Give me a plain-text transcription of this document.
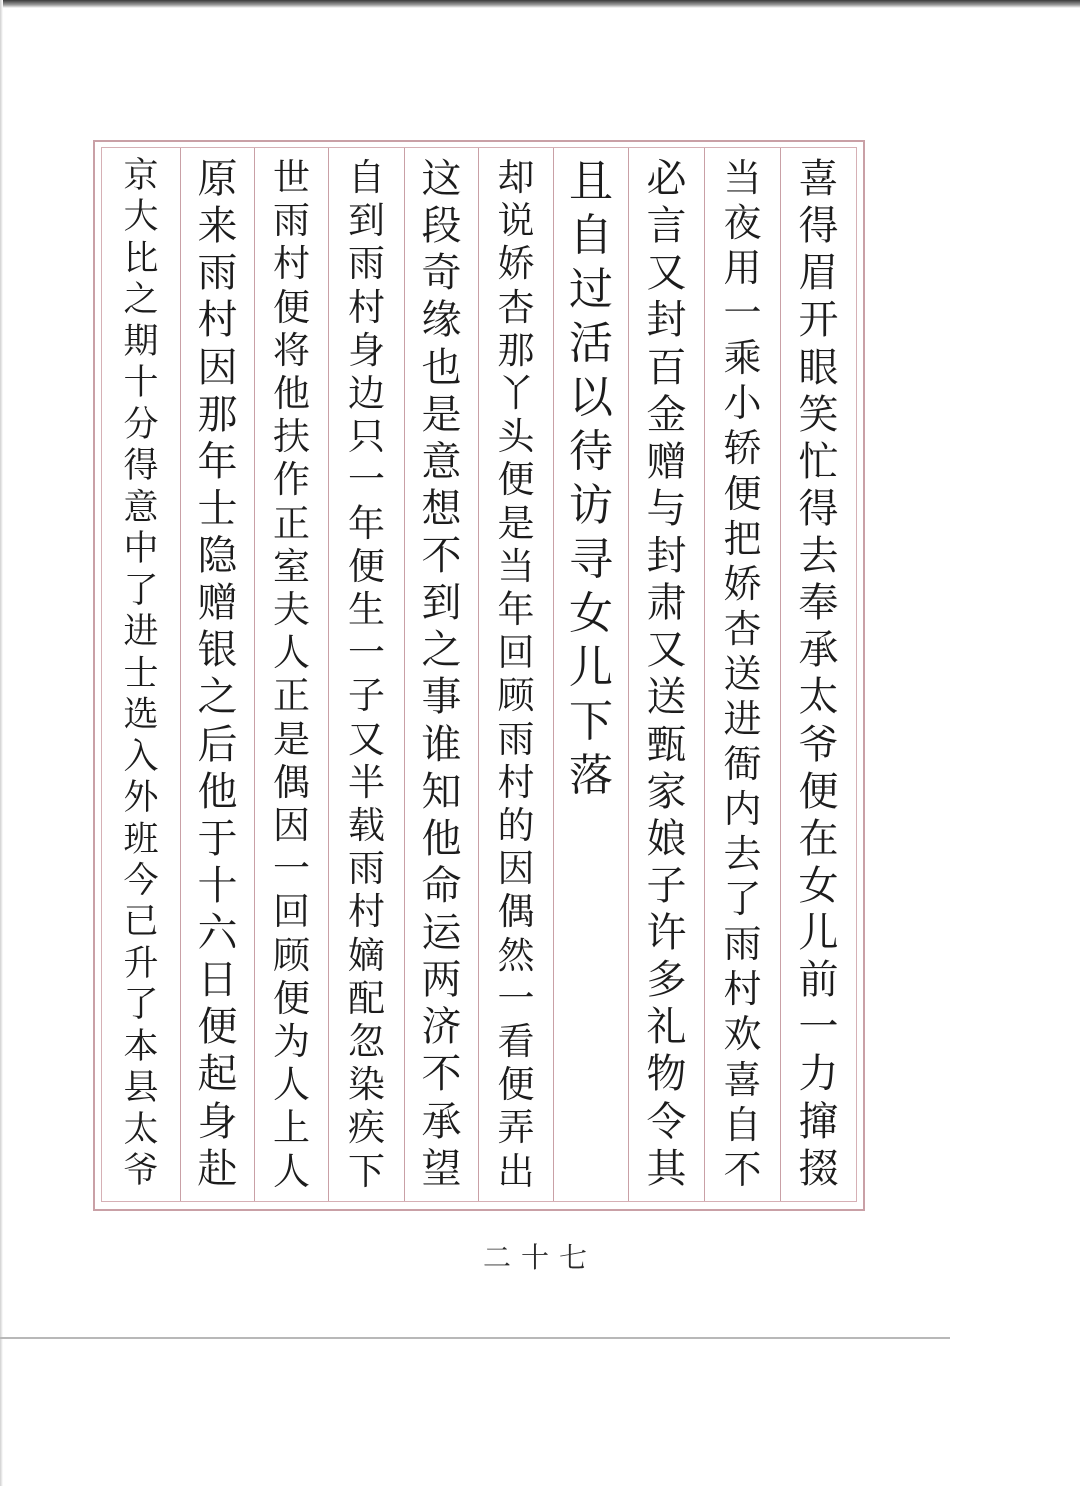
喜
得
眉
开
眼
笑
忙
得
去
奉
承
太
爷
便
在
女
儿
前
一
力
撺
掇
当
夜
用
一
乘
小
轿
便
把
娇
杏
送
进
衙
内
去
了
雨
村
欢
喜
自
不
必
言
又
封
百
金
赠
与
封
肃
又
送
甄
家
娘
子
许
多
礼
物
令
其
且
自
过
活
以
待
访
寻
女
儿
下
落
却
说
娇
杏
那
丫
头
便
是
当
年
回
顾
雨
村
的
因
偶
然
一
看
便
弄
出
这
段
奇
缘
也
是
意
想
不
到
之
事
谁
知
他
命
运
两
济
不
承
望
自
到
雨
村
身
边
只
一
年
便
生
一
子
又
半
载
雨
村
嫡
配
忽
染
疾
下
世
雨
村
便
将
他
扶
作
正
室
夫
人
正
是
偶
因
一
回
顾
便
为
人
上
人
原
来
雨
村
因
那
年
士
隐
赠
银
之
后
他
于
十
六
日
便
起
身
赴
京
大
比
之
期
十
分
得
意
中
了
进
士
选
入
外
班
今
已
升
了
本
县
太
爷
二十七
